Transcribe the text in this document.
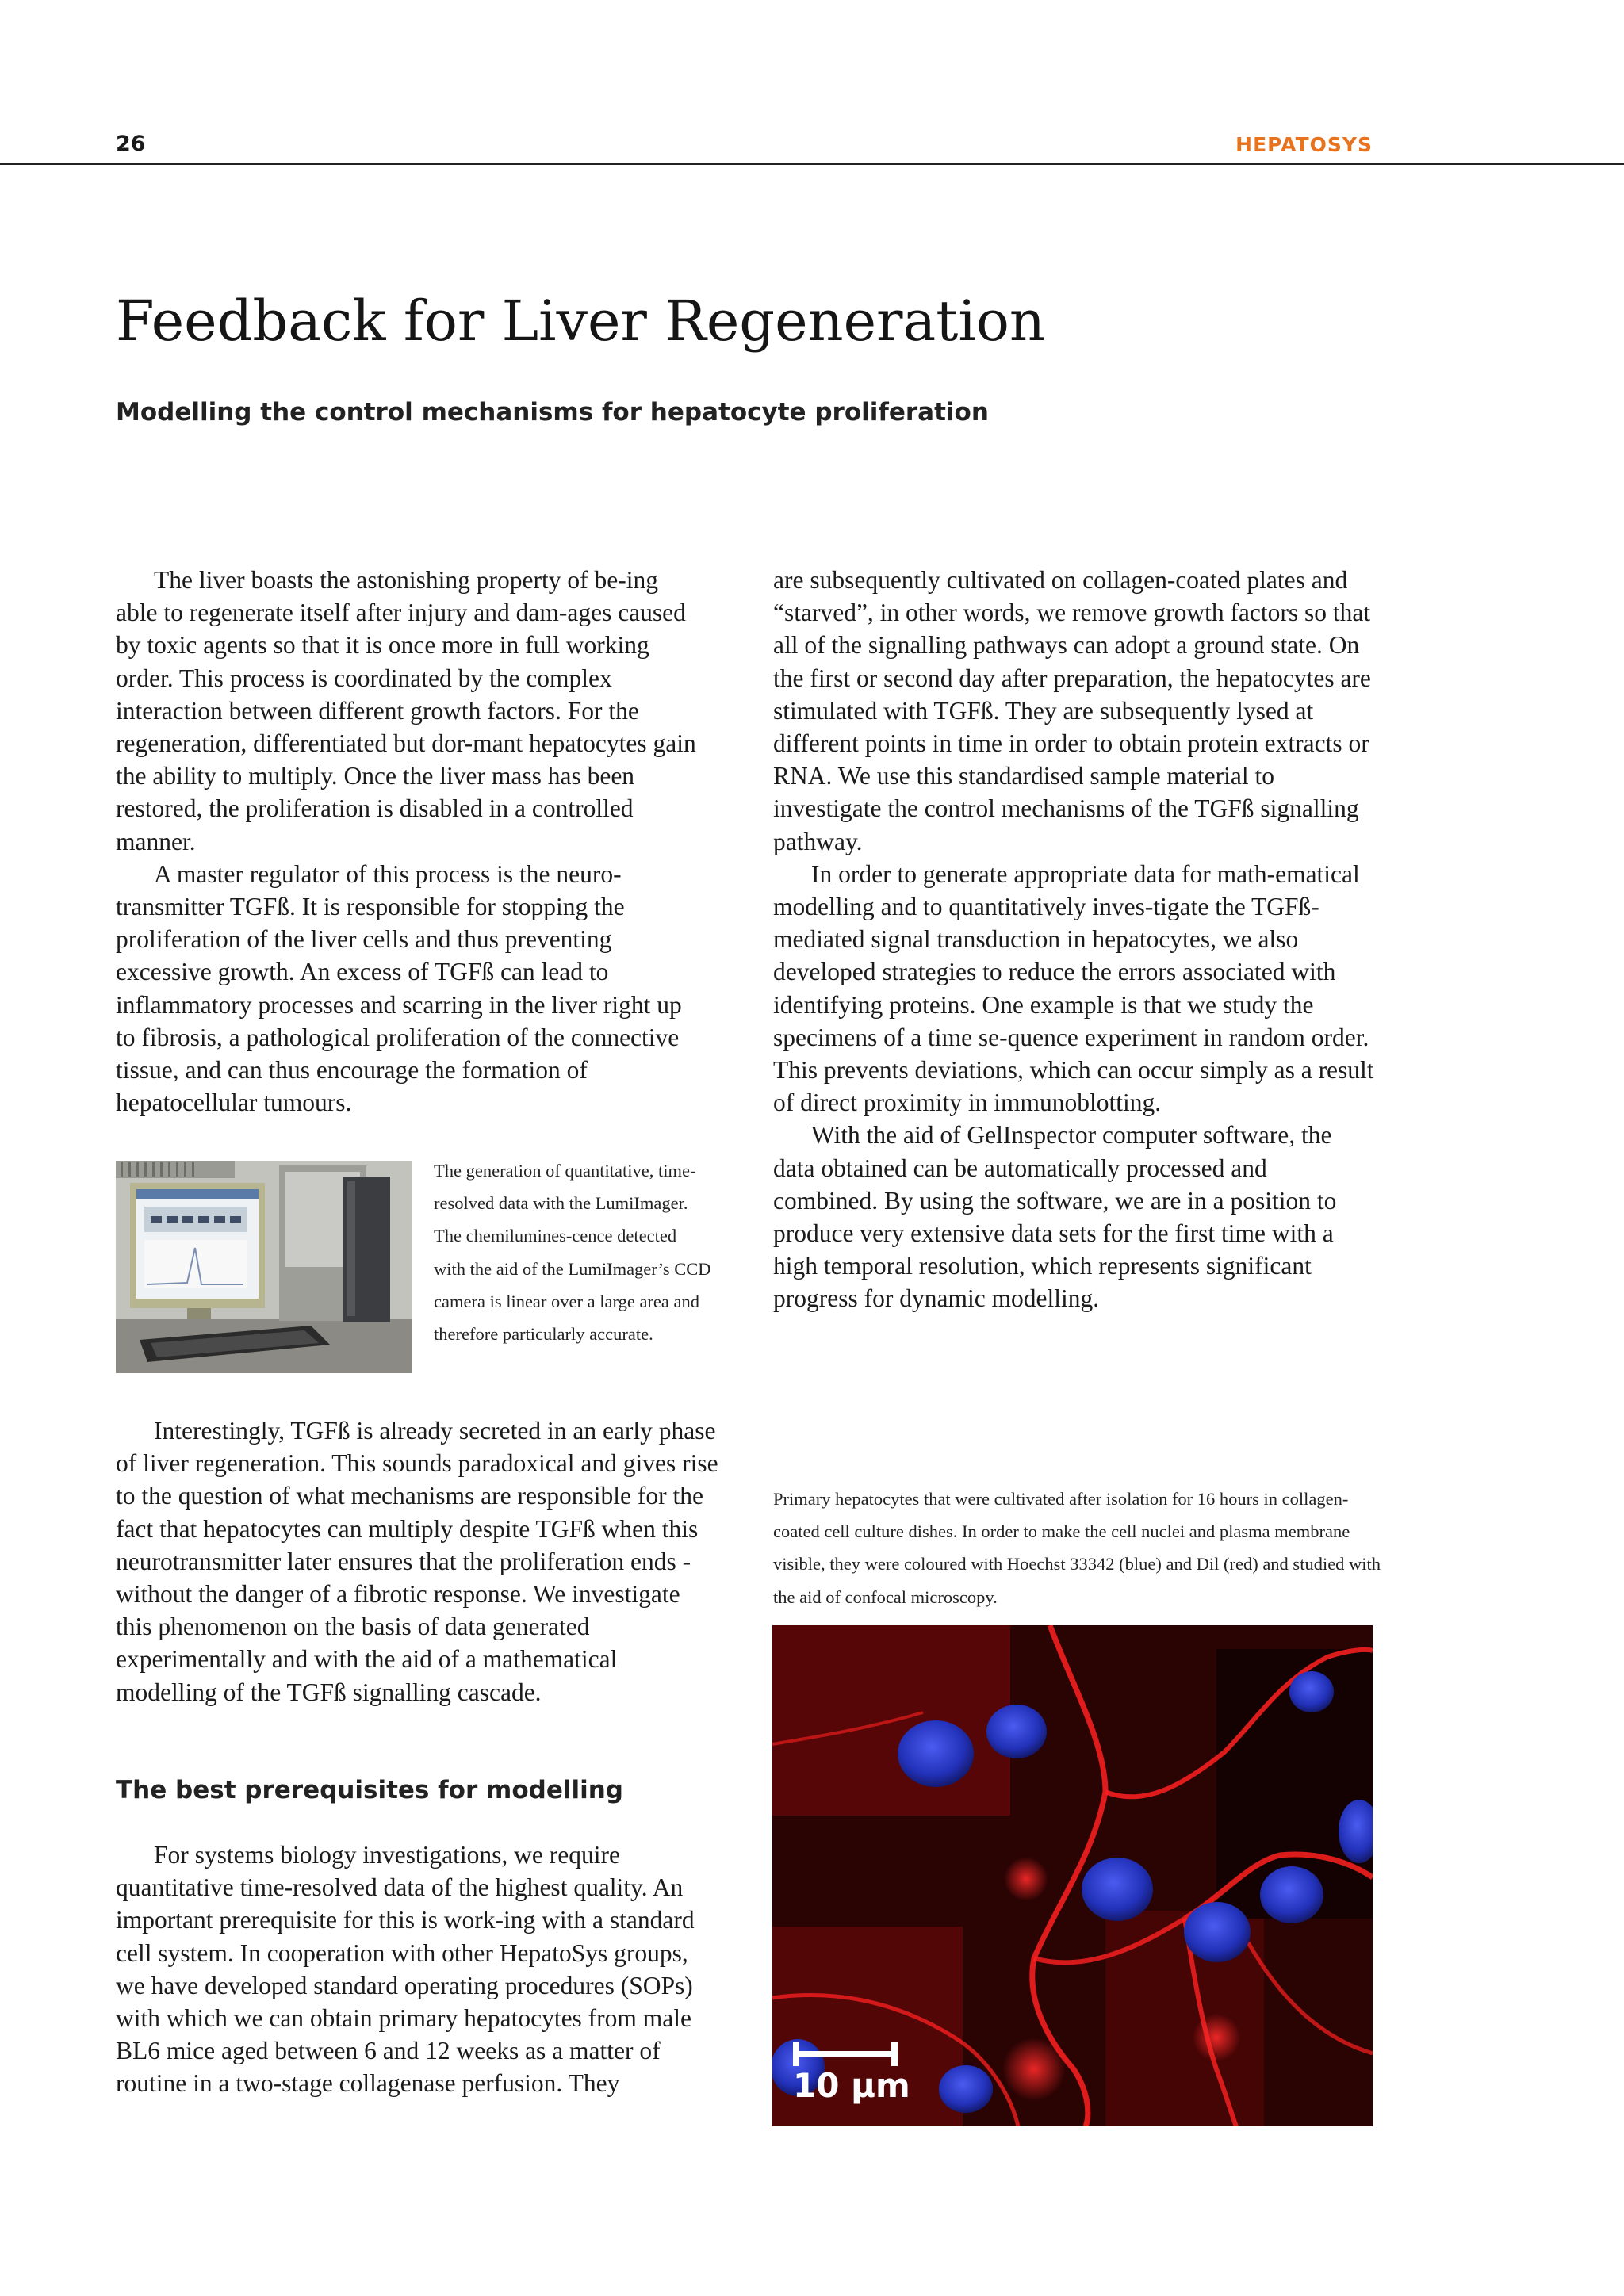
26	HEPATOSYS
Feedback for Liver Regeneration
Modelling the control mechanisms for hepatocyte proliferation

The liver boasts the astonishing property of be-ing able to regenerate itself after injury and dam-ages caused by toxic agents so that it is once more in full working order. This process is coordinated by the complex interaction between different growth factors. For the regeneration, differentiated but dor-mant hepatocytes gain the ability to multiply. Once the liver mass has been restored, the proliferation is disabled in a controlled manner.

A master regulator of this process is the neuro-transmitter TGFß. It is responsible for stopping the proliferation of the liver cells and thus preventing excessive growth. An excess of TGFß can lead to inflammatory processes and scarring in the liver right up to fibrosis, a pathological proliferation of the connective tissue, and can thus encourage the formation of hepatocellular tumours.

The generation of quantitative, time-resolved data with the LumiImager. The chemilumines-cence detected with the aid of the LumiImager’s CCD camera is linear over a large area and therefore particularly accurate.

Interestingly, TGFß is already secreted in an early phase of liver regeneration. This sounds paradoxical and gives rise to the question of what mechanisms are responsible for the fact that hepatocytes can multiply despite TGFß when this neurotransmitter later ensures that the proliferation ends - without the danger of a fibrotic response. We investigate this phenomenon on the basis of data generated experimentally and with the aid of a mathematical modelling of the TGFß signalling cascade.

The best prerequisites for modelling

For systems biology investigations, we require quantitative time-resolved data of the highest quality. An important prerequisite for this is work-ing with a standard cell system. In cooperation with other HepatoSys groups, we have developed standard operating procedures (SOPs) with which we can obtain primary hepatocytes from male BL6 mice aged between 6 and 12 weeks as a matter of routine in a two-stage collagenase perfusion. They

are subsequently cultivated on collagen-coated plates and “starved”, in other words, we remove growth factors so that all of the signalling pathways can adopt a ground state. On the first or second day after preparation, the hepatocytes are stimulated with TGFß. They are subsequently lysed at different points in time in order to obtain protein extracts or RNA. We use this standardised sample material to investigate the control mechanisms of the TGFß signalling pathway.

In order to generate appropriate data for math-ematical modelling and to quantitatively inves-tigate the TGFß-mediated signal transduction in hepatocytes, we also developed strategies to reduce the errors associated with identifying proteins. One example is that we study the specimens of a time se-quence experiment in random order. This prevents deviations, which can occur simply as a result of direct proximity in immunoblotting.

With the aid of GelInspector computer software, the data obtained can be automatically processed and combined. By using the software, we are in a position to produce very extensive data sets for the first time with a high temporal resolution, which represents significant progress for dynamic modelling.

Primary hepatocytes that were cultivated after isolation for 16 hours in collagen-coated cell culture dishes. In order to make the cell nuclei and plasma membrane visible, they were coloured with Hoechst 33342 (blue) and Dil (red) and studied with the aid of confocal microscopy.
10 µm
